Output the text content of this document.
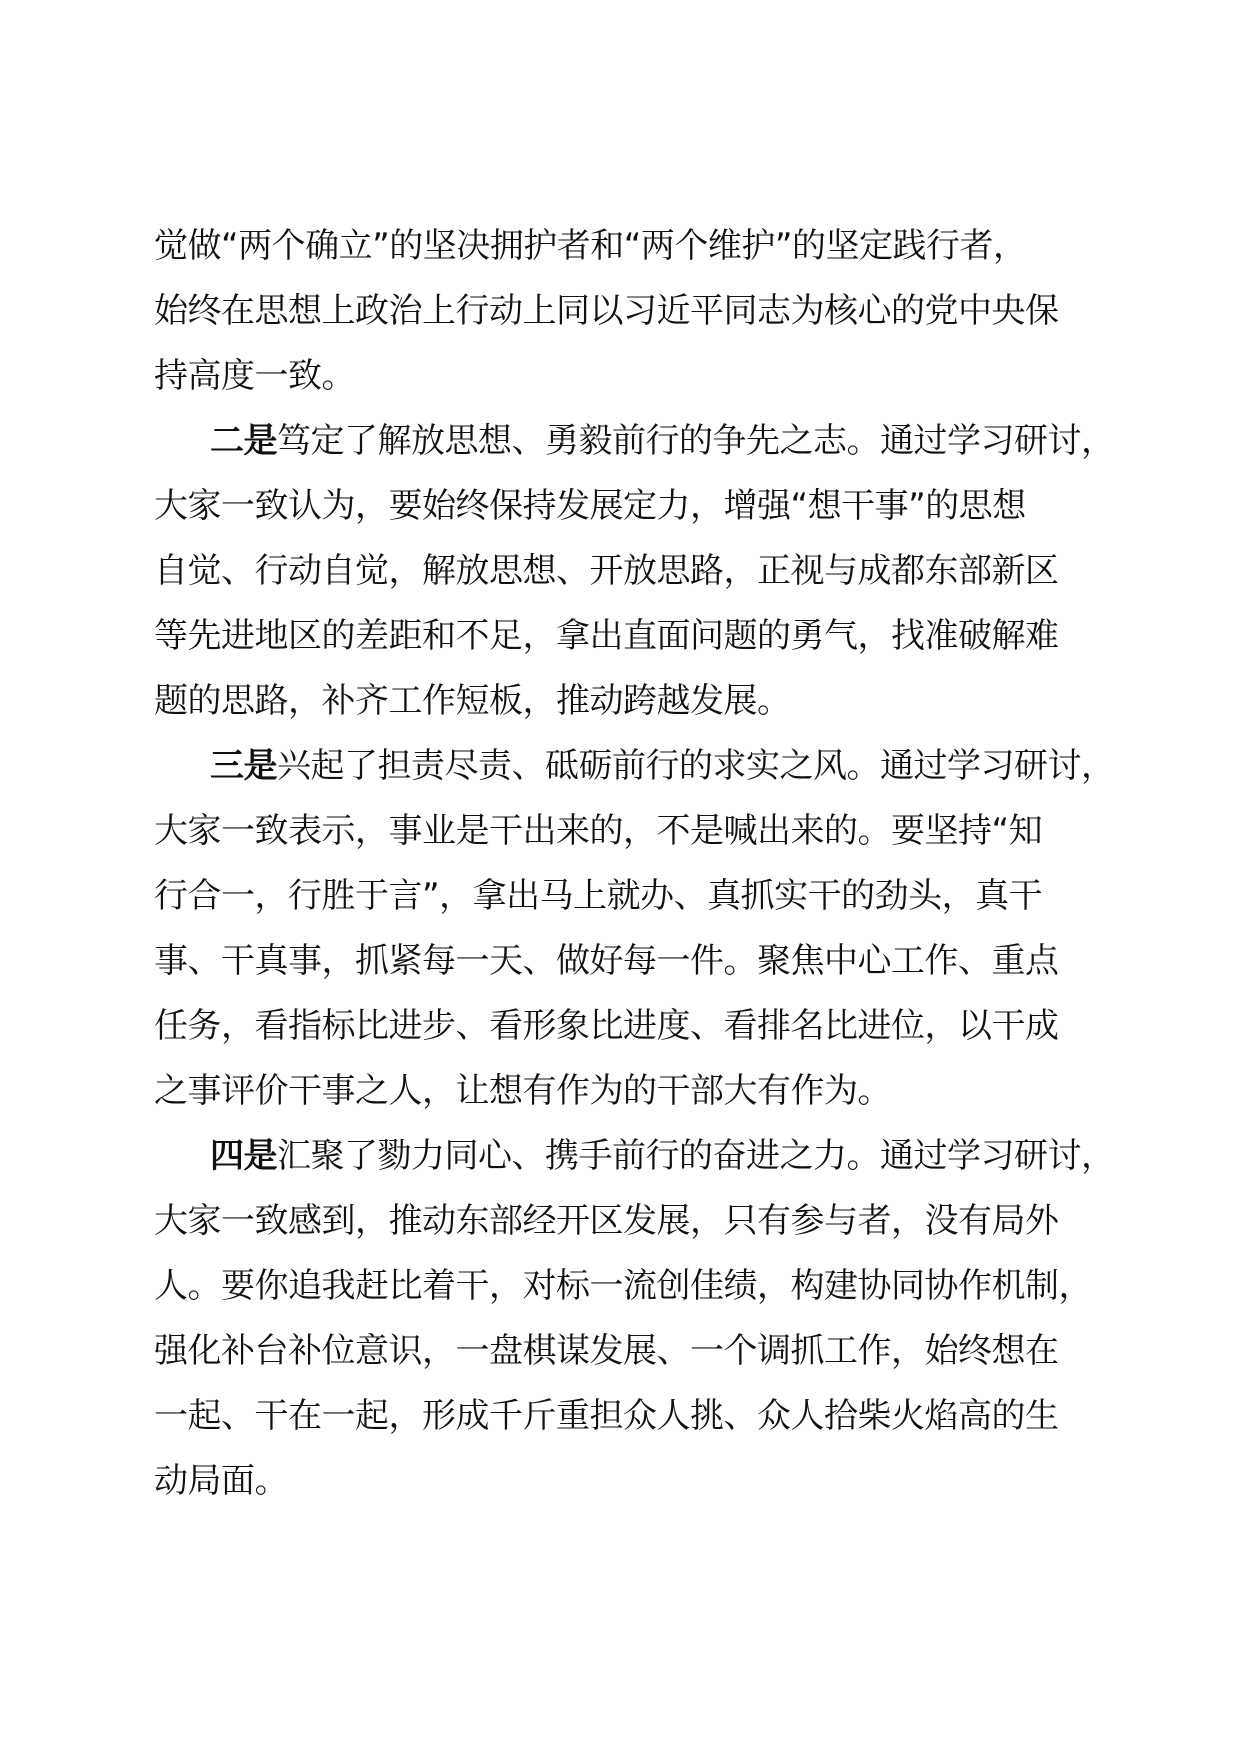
觉做“两个确立”的坚决拥护者和“两个维护”的坚定践行者，
始终在思想上政治上行动上同以习近平同志为核心的党中央保
持高度一致。
二是笃定了解放思想、勇毅前行的争先之志。通过学习研讨，
大家一致认为，要始终保持发展定力，增强“想干事”的思想
自觉、行动自觉，解放思想、开放思路，正视与成都东部新区
等先进地区的差距和不足，拿出直面问题的勇气，找准破解难
题的思路，补齐工作短板，推动跨越发展。
三是兴起了担责尽责、砥砺前行的求实之风。通过学习研讨，
大家一致表示，事业是干出来的，不是喊出来的。要坚持“知
行合一，行胜于言”，拿出马上就办、真抓实干的劲头，真干
事、干真事，抓紧每一天、做好每一件。聚焦中心工作、重点
任务，看指标比进步、看形象比进度、看排名比进位，以干成
之事评价干事之人，让想有作为的干部大有作为。
四是汇聚了勠力同心、携手前行的奋进之力。通过学习研讨，
大家一致感到，推动东部经开区发展，只有参与者，没有局外
人。要你追我赶比着干，对标一流创佳绩，构建协同协作机制，
强化补台补位意识，一盘棋谋发展、一个调抓工作，始终想在
一起、干在一起，形成千斤重担众人挑、众人拾柴火焰高的生
动局面。
